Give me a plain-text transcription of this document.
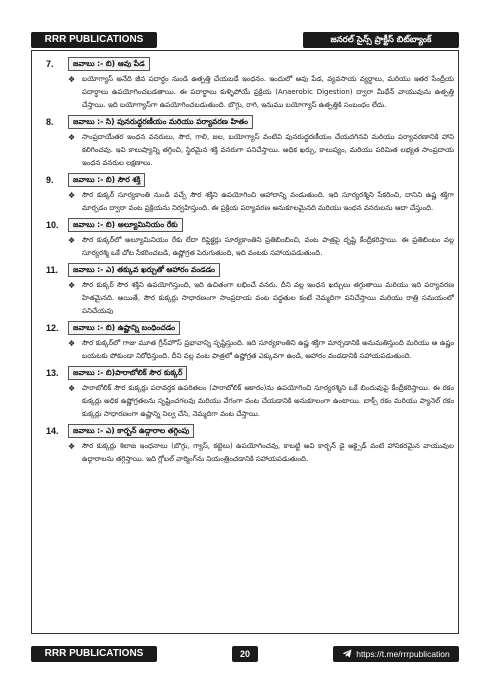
RRR PUBLICATIONS	జనరల్ సైన్స్ ప్రాక్టీస్ బిట్‌బ్యాంక్
7.	జవాబు :- బి) ఆవు పేడ
❖ బయోగ్యాస్ అనేది జీవ పదార్థం నుండి ఉత్పత్తి చేయబడే ఇంధనం. ఇందులో ఆవు పేడ, వ్యవసాయ వ్యర్థాలు, మరియు ఇతర సేంద్రీయ పదార్థాలు ఉపయోగించబడతాయి. ఈ పదార్థాలు కుళ్ళిపోయే ప్రక్రియ (Anaerobic Digestion) ద్వారా మీథేన్ వాయువును ఉత్పత్తి చేస్తాయి. ఇది బయోగ్యాస్‌గా ఉపయోగించబడుతుంది. బొగ్గు, రాగి, ఇనుము బయోగ్యాస్ ఉత్పత్తికి సంబంధం లేదు.
8.	జవాబు :- సి) పునరుద్ధరణీయం మరియు పర్యావరణ హితం
❖ సాంప్రదాయేతర ఇంధన వనరులు, సౌర, గాలి, జల, బయోగ్యాస్ వంటివి పునరుద్ధరణీయం చేయదగినవి మరియు పర్యావరణానికి హాని కలిగించవు. ఇవి కాలుష్యాన్ని తగ్గించి, స్థిరమైన శక్తి వనరుగా పనిచేస్తాయి. అధిక ఖర్చు, కాలుష్యం, మరియు పరిమిత లభ్యత సాంప్రదాయ ఇంధన వనరుల లక్షణాలు.
9.	జవాబు :- బి) సౌర శక్తి
❖ సౌర కుక్కర్ సూర్యకాంతి నుండి వచ్చే సౌర శక్తిని ఉపయోగించి ఆహారాన్ని వండుతుంది. ఇది సూర్యరశ్మిని సేకరించి, దానిని ఉష్ణ శక్తిగా మార్చడం ద్వారా వంట ప్రక్రియను నిర్వహిస్తుంది. ఈ ప్రక్రియ పర్యావరణ అనుకూలమైనది మరియు ఇంధన వనరులను ఆదా చేస్తుంది.
10.	జవాబు :- బి) అల్యూమినియం రేకు
❖ సౌర కుక్కర్‌లో అల్యూమినియం రేకు లేదా రిఫ్లెక్టర్లు సూర్యకాంతిని ప్రతిబింబించి, వంట పాత్రపై దృష్టి కేంద్రీకరిస్తాయి. ఈ ప్రతిబింబం వల్ల సూర్యరశ్మి ఒకే చోట సేకరించబడి, ఉష్ణోగ్రత పెరుగుతుంది, ఇది వంటకు సహాయపడుతుంది.
11.	జవాబు :- ఎ) తక్కువ ఖర్చుతో ఆహారం వండడం
❖ సౌర కుక్కర్ సౌర శక్తిని ఉపయోగిస్తుంది, ఇది ఉచితంగా లభించే వనరు. దీని వల్ల ఇంధన ఖర్చులు తగ్గుతాయి మరియు ఇది పర్యావరణ హితమైనది. అయితే, సౌర కుక్కర్లు సాధారణంగా సాంప్రదాయ వంట పద్ధతుల కంటే నెమ్మదిగా పనిచేస్తాయి మరియు రాత్రి సమయంలో పనిచేయవు
12.	జవాబు :- బి) ఉష్ణాన్ని బంధించడం
❖ సౌర కుక్కర్‌లో గాజు మూత గ్రీన్‌హౌస్ ప్రభావాన్ని సృష్టిస్తుంది. ఇది సూర్యకాంతిని ఉష్ణ శక్తిగా మార్చడానికి అనుమతిస్తుంది మరియు ఆ ఉష్ణం బయటకు పోకుండా నిరోధిస్తుంది. దీని వల్ల వంట పాత్రలో ఉష్ణోగ్రత ఎక్కువగా ఉండి, ఆహారం వండడానికి సహాయపడుతుంది.
13.	జవాబు :- బి)పారాబోలిక్ సౌర కుక్కర్
❖ పారాబోలిక్ సౌర కుక్కర్లు పరావర్తక ఉపరితలం (పారాబోలిక్ ఆకారం)ను ఉపయోగించి సూర్యరశ్మిని ఒకే బిందువుపై కేంద్రీకరిస్తాయి. ఈ రకం కుక్కర్లు అధిక ఉష్ణోగ్రతలను సృష్టించగలవు మరియు వేగంగా వంట చేయడానికి అనుకూలంగా ఉంటాయి. బాక్స్ రకం మరియు ప్యానెల్ రకం కుక్కర్లు సాధారణంగా ఉష్ణాన్ని నిల్వ చేసి, నెమ్మదిగా వంట చేస్తాయి.
14.	జవాబు :- ఎ) కార్బన్ ఉద్గారాల తగ్గింపు
❖ సౌర కుక్కర్లు శిలాజ ఇంధనాలు (బొగ్గు, గ్యాస్, కట్టెలు) ఉపయోగించవు, కాబట్టి అవి కార్బన్ డై ఆక్సైడ్ వంటి హానికరమైన వాయువుల ఉద్గారాలను తగ్గిస్తాయి. ఇది గ్లోబల్ వార్మింగ్‌ను నియంత్రించడానికి సహాయపడుతుంది.
RRR PUBLICATIONS	20	https://t.me/rrrpublication
